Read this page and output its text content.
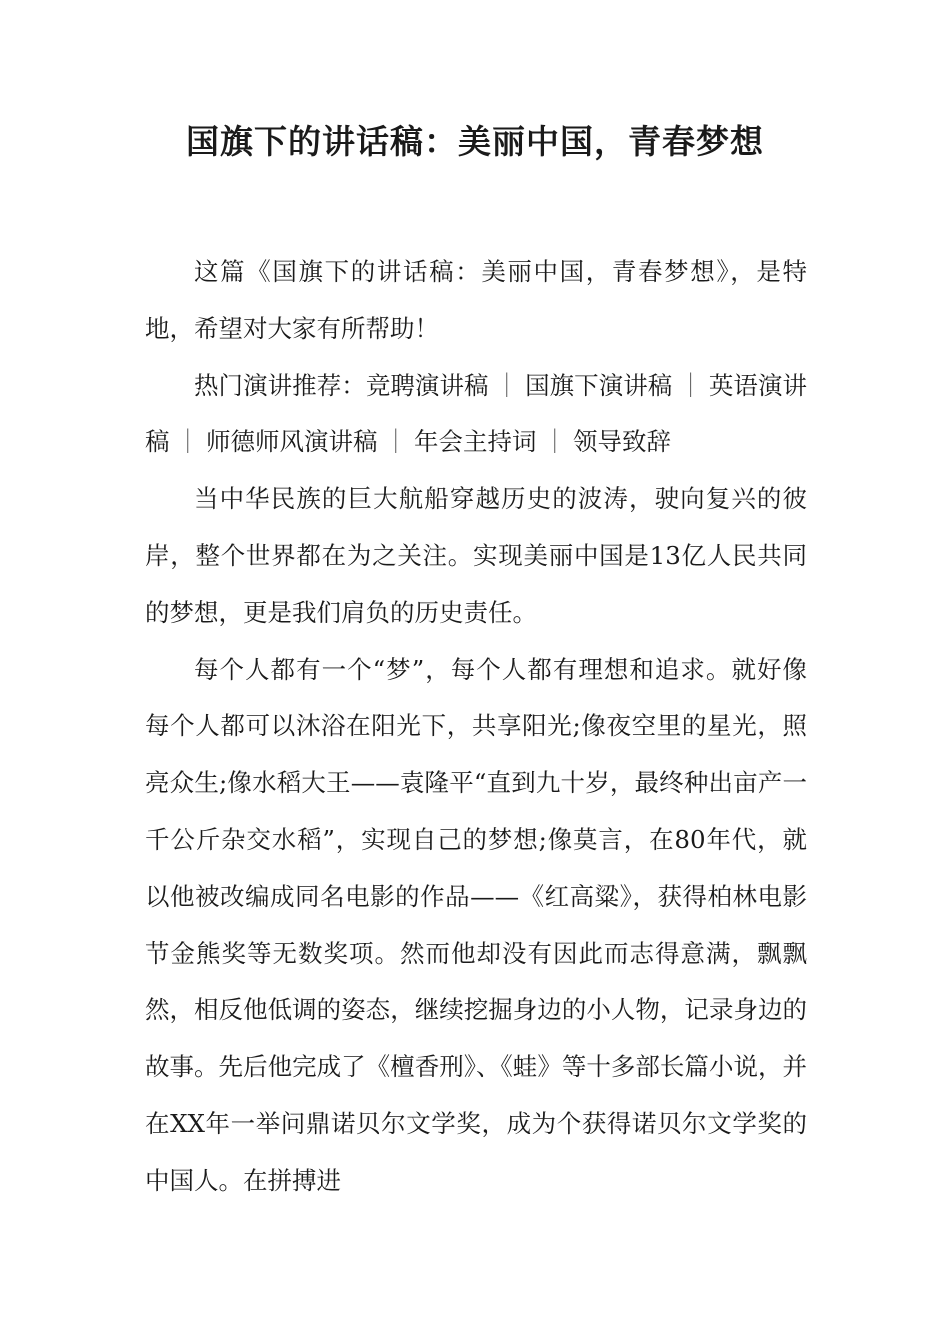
国旗下的讲话稿：美丽中国，青春梦想

这篇《国旗下的讲话稿：美丽中国，青春梦想》，是特地，希望对大家有所帮助！

热门演讲推荐：竞聘演讲稿 ｜ 国旗下演讲稿 ｜ 英语演讲稿 ｜ 师德师风演讲稿 ｜ 年会主持词 ｜ 领导致辞

当中华民族的巨大航船穿越历史的波涛，驶向复兴的彼岸，整个世界都在为之关注。实现美丽中国是13亿人民共同的梦想，更是我们肩负的历史责任。

每个人都有一个“梦”，每个人都有理想和追求。就好像每个人都可以沐浴在阳光下，共享阳光;像夜空里的星光，照亮众生;像水稻大王——袁隆平“直到九十岁，最终种出亩产一千公斤杂交水稻”，实现自己的梦想;像莫言，在80年代，就以他被改编成同名电影的作品——《红高粱》，获得柏林电影节金熊奖等无数奖项。然而他却没有因此而志得意满，飘飘然，相反他低调的姿态，继续挖掘身边的小人物，记录身边的故事。先后他完成了《檀香刑》、《蛙》等十多部长篇小说，并在XX年一举问鼎诺贝尔文学奖，成为个获得诺贝尔文学奖的中国人。在拼搏进
